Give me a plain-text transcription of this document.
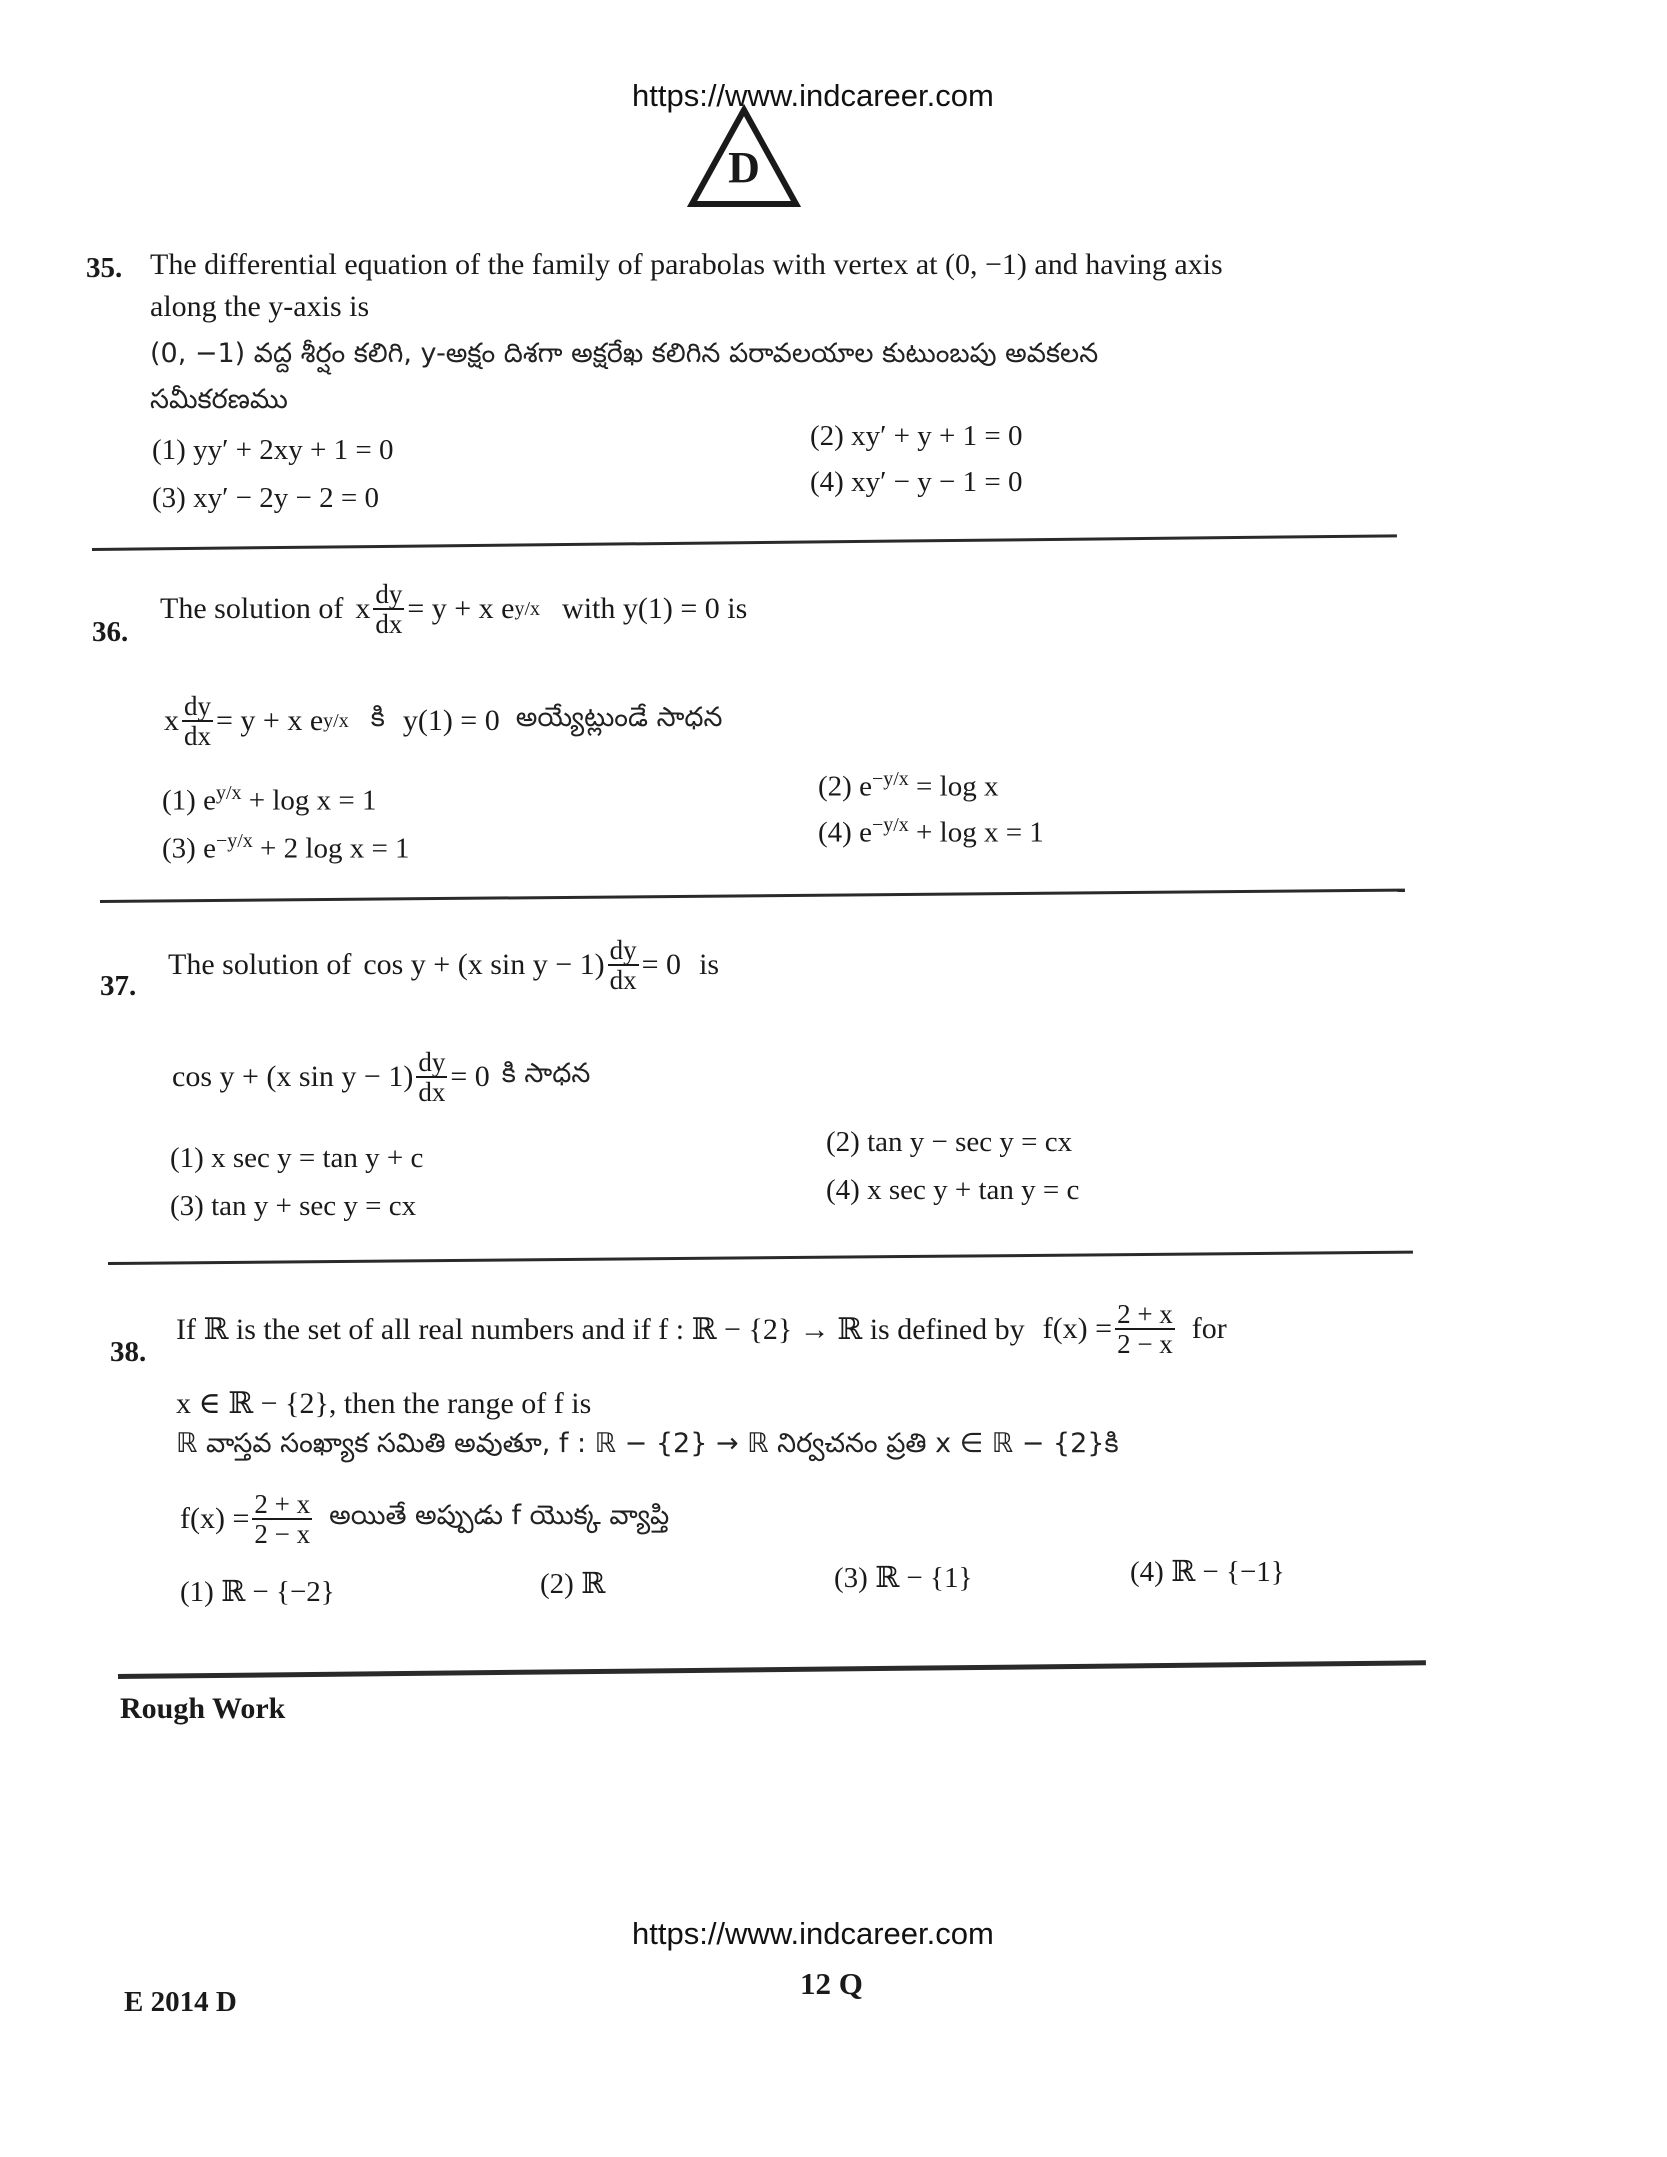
https://www.indcareer.com
D
35. The differential equation of the family of parabolas with vertex at (0, −1) and having axis
along the y-axis is
(0, −1) వద్ద శీర్షం కలిగి, y-అక్షం దిశగా అక్షరేఖ కలిగిన పరావలయాల కుటుంబపు అవకలన
సమీకరణము
(1) yy′ + 2xy + 1 = 0	(2) xy′ + y + 1 = 0
(3) xy′ − 2y − 2 = 0	(4) xy′ − y − 1 = 0
36.
The solution of x $\frac{dy}{dx} = y + x$ e y/x with y(1) = 0 is
x $\frac{dy}{dx} = y + x$ e y/x కి y(1) = 0 అయ్యేట్లుండే సాధన
(1) $e^{y/x} + \log x = 1$	(2) $e^{-y/x} = \log x$
(3) $e^{-y/x} + 2$ log x = 1	(4) $e^{-y/x} + \log x = 1$
37.
The solution of cos y + (x $\sin y - 1) \frac{dy}{dx} = 0$ is
cos y + (x $\sin y - 1) \frac{dy}{dx} = 0$ కి సాధన
(1) x sec y = tan y + c	(2) tan y − sec y = cx
(3) tan y + sec y = cx	(4) x sec y + tan y = c
38.
If ℝ is the set of all real numbers and if f : ℝ − {2} → ℝ is defined by $f(x) = \frac{2 + x}{2 - x}$ for
x ∈ ℝ − {2}, then the range of f is
ℝ వాస్తవ సంఖ్యాక సమితి అవుతూ, f : ℝ − {2} → ℝ నిర్వచనం ప్రతి x ∈ ℝ − {2}కి
$f(x) = \frac{2 + x}{2 - x}$ అయితే అప్పుడు f యొక్క వ్యాప్తి
(1) ℝ − {−2}	(2) ℝ	(3) ℝ − {1}	(4) ℝ − {−1}
Rough Work
https://www.indcareer.com
E 2014 D
12 Q
